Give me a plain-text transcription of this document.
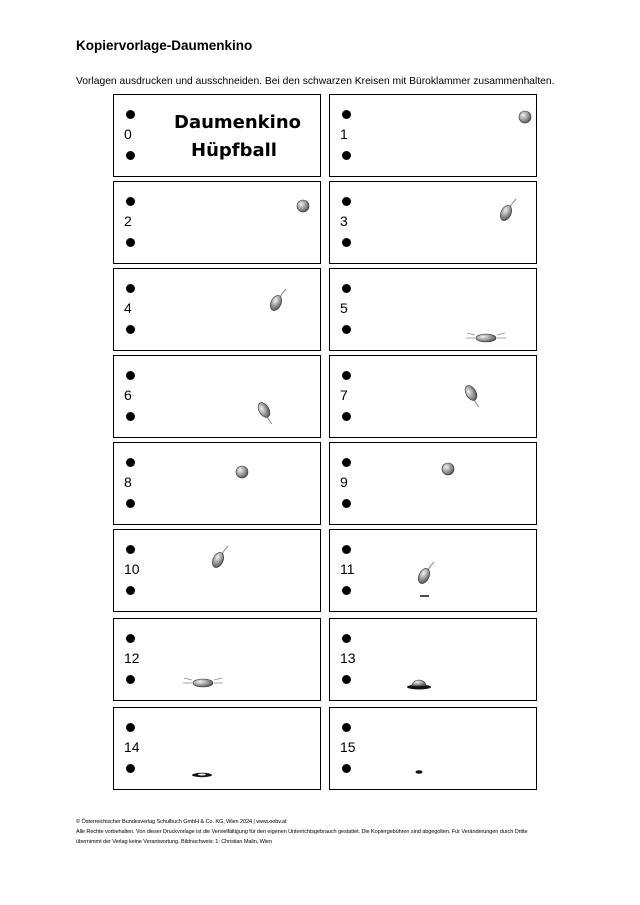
Kopiervorlage-Daumenkino
Vorlagen ausdrucken und ausschneiden. Bei den schwarzen Kreisen mit Büroklammer zusammenhalten.
0
Daumenkino
Hüpfball
1
2	3
4	5
6	7
8	9
10	11
12	13
14	15
© Österreichischer Bundesverlag Schulbuch GmbH & Co. KG, Wien 2024 | www.oebv.at
Alle Rechte vorbehalten. Von dieser Druckvorlage ist die Vervielfältigung für den eigenen Unterrichtsgebrauch gestattet. Die Kopiergebühren sind abgegolten. Für Veränderungen durch Dritte
übernimmt der Verlag keine Verantwortung. Bildnachweis: 1: Christian Malin, Wien
